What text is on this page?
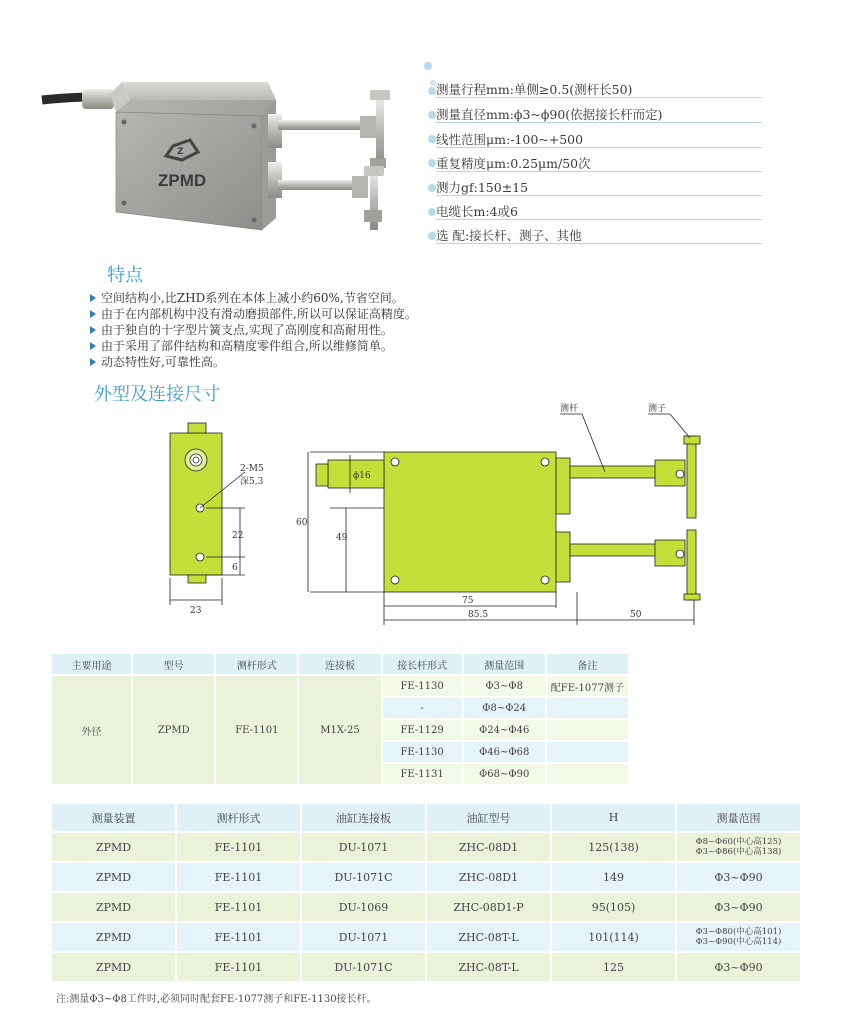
Z
ZPMD
测量行程mm:单侧≥0.5(测杆长50)
测量直径mm:ϕ3~ϕ90(依据接长杆而定)
线性范围μm:-100~+500
重复精度μm:0.25μm/50次
测力gf:150±15
电缆长m:4或6
选 配:接长杆、测子、其他
特点
空间结构小,比ZHD系列在本体上减小约60%,节省空间。
由于在内部机构中没有滑动磨损部件,所以可以保证高精度。
由于独自的十字型片簧支点,实现了高刚度和高耐用性。
由于采用了部件结构和高精度零件组合,所以维修简单。
动态特性好,可靠性高。
外型及连接尺寸
2-M5
深5.3
22
6
23
ϕ16
60
49
75
85.5	50
测杆	测子
主要用途	型号	测杆形式	连接板	接长杆形式	测量范围	备注
外径	ZPMD	FE-1101	M1X-25	FE-1130	Φ3~Φ8	配FE-1077测子
				-	Φ8~Φ24	
				FE-1129	Φ24~Φ46	
				FE-1130	Φ46~Φ68	
				FE-1131	Φ68~Φ90	
测量装置	测杆形式	油缸连接板	油缸型号	H	测量范围
ZPMD	FE-1101	DU-1071	ZHC-08D1	125(138)	Φ8~Φ60(中心高125)
Φ3~Φ86(中心高138)

ZPMD	FE-1101	DU-1071C	ZHC-08D1	149	Φ3~Φ90
ZPMD	FE-1101	DU-1069	ZHC-08D1-P	95(105)	Φ3~Φ90
ZPMD	FE-1101	DU-1071	ZHC-08T-L	101(114)	Φ3~Φ80(中心高101)
Φ3~Φ90(中心高114)

ZPMD	FE-1101	DU-1071C	ZHC-08T-L	125	Φ3~Φ90
注:测量Φ3~Φ8工件时,必须同时配套FE-1077测子和FE-1130接长杆。
